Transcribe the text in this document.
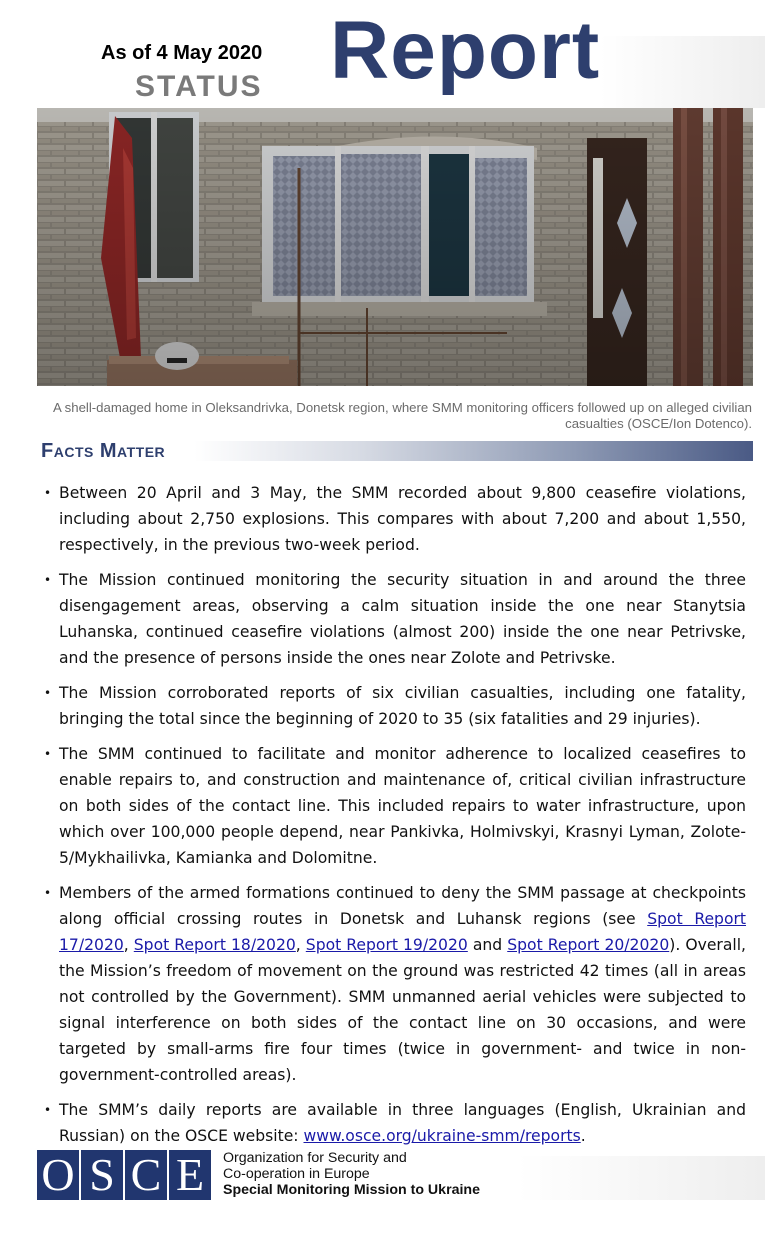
As of 4 May 2020
STATUS Report
A shell-damaged home in Oleksandrivka, Donetsk region, where SMM monitoring officers followed up on alleged civilian casualties (OSCE/Ion Dotenco).
Facts Matter
• Between 20 April and 3 May, the SMM recorded about 9,800 ceasefire violations, including about 2,750 explosions. This compares with about 7,200 and about 1,550, respectively, in the previous two-week period.
• The Mission continued monitoring the security situation in and around the three disengagement areas, observing a calm situation inside the one near Stanytsia Luhanska, continued ceasefire violations (almost 200) inside the one near Petrivske, and the presence of persons inside the ones near Zolote and Petrivske.
• The Mission corroborated reports of six civilian casualties, including one fatality, bringing the total since the beginning of 2020 to 35 (six fatalities and 29 injuries).
• The SMM continued to facilitate and monitor adherence to localized ceasefires to enable repairs to, and construction and maintenance of, critical civilian infrastructure on both sides of the contact line. This included repairs to water infrastructure, upon which over 100,000 people depend, near Pankivka, Holmivskyi, Krasnyi Lyman, Zolote-5/Mykhailivka, Kamianka and Dolomitne.
• Members of the armed formations continued to deny the SMM passage at checkpoints along official crossing routes in Donetsk and Luhansk regions (see Spot Report 17/2020, Spot Report 18/2020, Spot Report 19/2020 and Spot Report 20/2020). Overall, the Mission’s freedom of movement on the ground was restricted 42 times (all in areas not controlled by the Government). SMM unmanned aerial vehicles were subjected to signal interference on both sides of the contact line on 30 occasions, and were targeted by small-arms fire four times (twice in government- and twice in non-government-controlled areas).
• The SMM’s daily reports are available in three languages (English, Ukrainian and Russian) on the OSCE website: www.osce.org/ukraine-smm/reports.
O S C E	Organization for Security and
Co-operation in Europe
Special Monitoring Mission to Ukraine
